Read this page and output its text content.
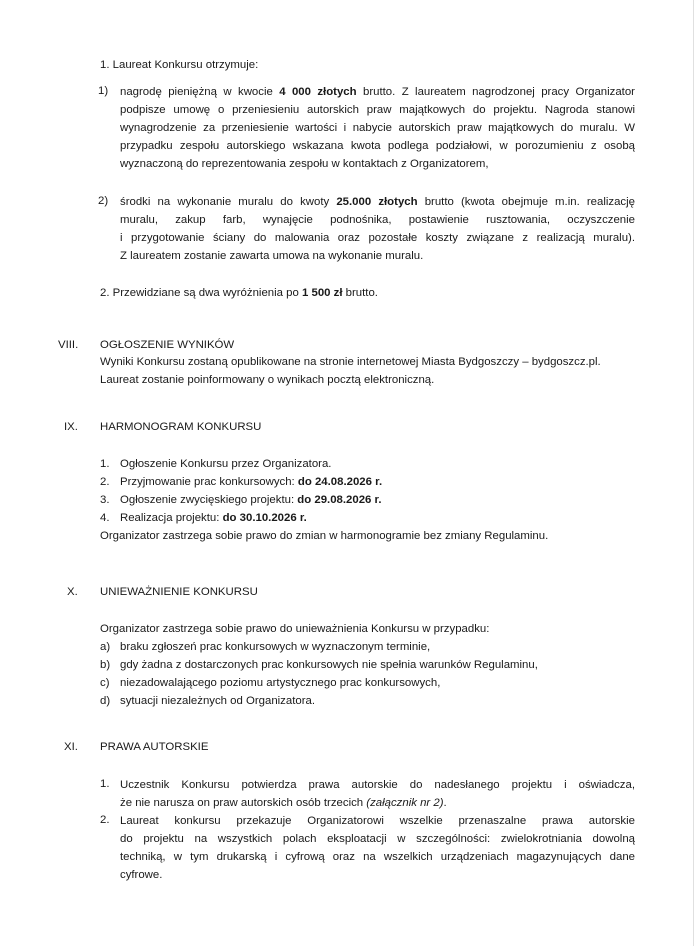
1. Laureat Konkursu otrzymuje:
1)	nagrodę pieniężną w kwocie 4 000 złotych brutto. Z laureatem nagrodzonej pracy Organizator
podpisze umowę o przeniesieniu autorskich praw majątkowych do projektu. Nagroda stanowi
wynagrodzenie za przeniesienie wartości i nabycie autorskich praw majątkowych do muralu. W
przypadku zespołu autorskiego wskazana kwota podlega podziałowi, w porozumieniu z osobą
wyznaczoną do reprezentowania zespołu w kontaktach z Organizatorem,
2)	środki na wykonanie muralu do kwoty 25.000 złotych brutto (kwota obejmuje m.in. realizację
muralu, zakup farb, wynajęcie podnośnika, postawienie rusztowania, oczyszczenie
i przygotowanie ściany do malowania oraz pozostałe koszty związane z realizacją muralu).
Z laureatem zostanie zawarta umowa na wykonanie muralu.
2. Przewidziane są dwa wyróżnienia po 1 500 zł brutto.
VIII.	OGŁOSZENIE WYNIKÓW
Wyniki Konkursu zostaną opublikowane na stronie internetowej Miasta Bydgoszczy – bydgoszcz.pl.
Laureat zostanie poinformowany o wynikach pocztą elektroniczną.
IX.	HARMONOGRAM KONKURSU
1. Ogłoszenie Konkursu przez Organizatora.
2. Przyjmowanie prac konkursowych: do 24.08.2026 r.
3. Ogłoszenie zwycięskiego projektu: do 29.08.2026 r.
4. Realizacja projektu: do 30.10.2026 r.
Organizator zastrzega sobie prawo do zmian w harmonogramie bez zmiany Regulaminu.
X.	UNIEWAŻNIENIE KONKURSU
Organizator zastrzega sobie prawo do unieważnienia Konkursu w przypadku:
a) braku zgłoszeń prac konkursowych w wyznaczonym terminie,
b) gdy żadna z dostarczonych prac konkursowych nie spełnia warunków Regulaminu,
c) niezadowalającego poziomu artystycznego prac konkursowych,
d) sytuacji niezależnych od Organizatora.
XI.	PRAWA AUTORSKIE
1. Uczestnik Konkursu potwierdza prawa autorskie do nadesłanego projektu i oświadcza,
że nie narusza on praw autorskich osób trzecich (załącznik nr 2).
2. Laureat konkursu przekazuje Organizatorowi wszelkie przenaszalne prawa autorskie
do projektu na wszystkich polach eksploatacji w szczególności: zwielokrotniania dowolną
techniką, w tym drukarską i cyfrową oraz na wszelkich urządzeniach magazynujących dane
cyfrowe.
